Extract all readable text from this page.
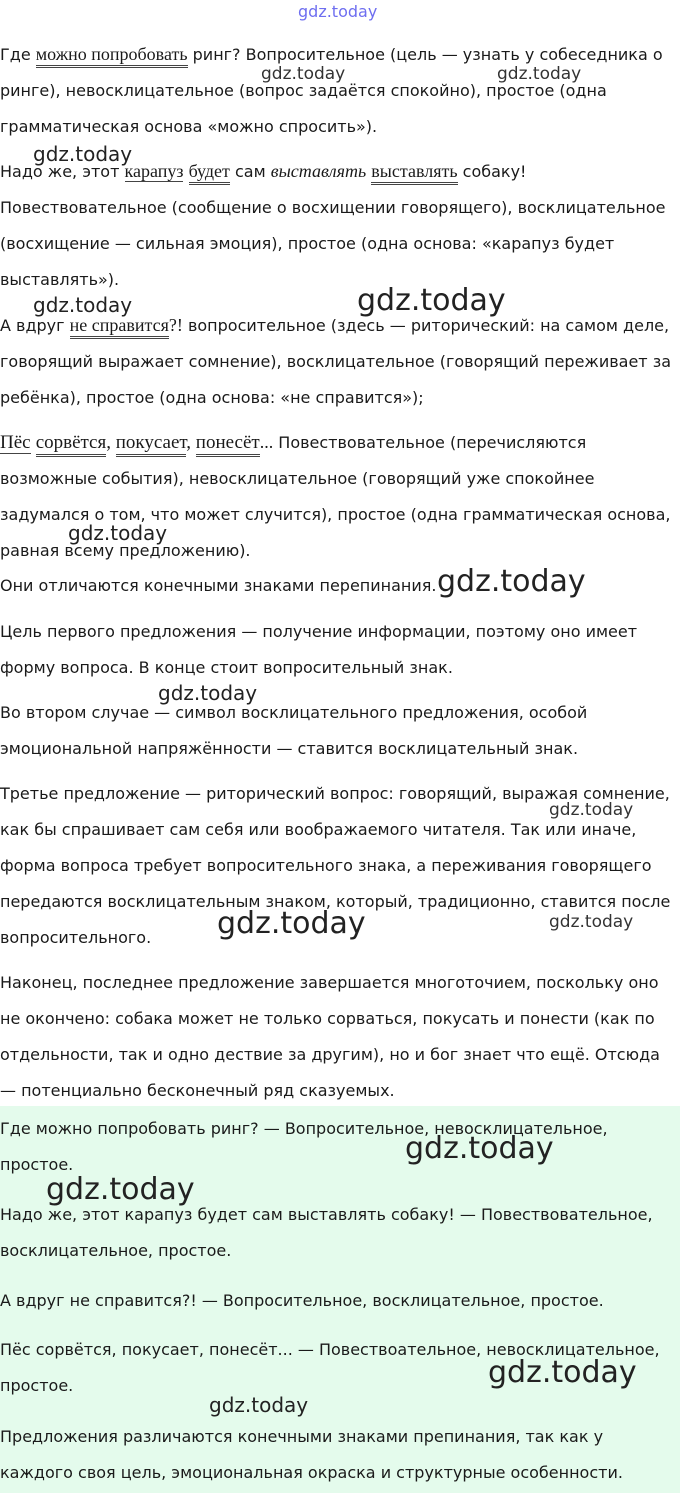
gdz.today
Где можно попробовать ринг? Вопросительное (цель — узнать у собеседника о ринге), невосклицательное (вопрос задаётся спокойно), простое (одна грамматическая основа «можно спросить»).
Надо же, этот карапуз будет сам выставлять выставлять собаку! Повествовательное (сообщение о восхищении говорящего), восклицательное (восхищение — сильная эмоция), простое (одна основа: «карапуз будет выставлять»).
А вдруг не справится?! вопросительное (здесь — риторический: на самом деле, говорящий выражает сомнение), восклицательное (говорящий переживает за ребёнка), простое (одна основа: «не справится»);
Пёс сорвётся, покусает, понесёт... Повествовательное (перечисляются возможные события), невосклицательное (говорящий уже спокойнее задумался о том, что может случится), простое (одна грамматическая основа, равная всему предложению).
Они отличаются конечными знаками перепинания.
Цель первого предложения — получение информации, поэтому оно имеет форму вопроса. В конце стоит вопросительный знак.
Во втором случае — символ восклицательного предложения, особой эмоциональной напряжённости — ставится восклицательный знак.
Третье предложение — риторический вопрос: говорящий, выражая сомнение, как бы спрашивает сам себя или воображаемого читателя. Так или иначе, форма вопроса требует вопросительного знака, а переживания говорящего передаются восклицательным знаком, который, традиционно, ставится после вопросительного.
Наконец, последнее предложение завершается многоточием, поскольку оно не окончено: собака может не только сорваться, покусать и понести (как по отдельности, так и одно дествие за другим), но и бог знает что ещё. Отсюда — потенциально бесконечный ряд сказуемых.
Где можно попробовать ринг? — Вопросительное, невосклицательное, простое.
Надо же, этот карапуз будет сам выставлять собаку! — Повествовательное, восклицательное, простое.
А вдруг не справится?! — Вопросительное, восклицательное, простое.
Пёс сорвётся, покусает, понесёт... — Повествоательное, невосклицательное, простое.
Предложения различаются конечными знаками препинания, так как у каждого своя цель, эмоциональная окраска и структурные особенности.
gdz.today	gdz.today
gdz.today
gdz.today	gdz.today
gdz.today
gdz.today
gdz.today
gdz.today
gdz.today	gdz.today
gdz.today
gdz.today
gdz.today
gdz.today
